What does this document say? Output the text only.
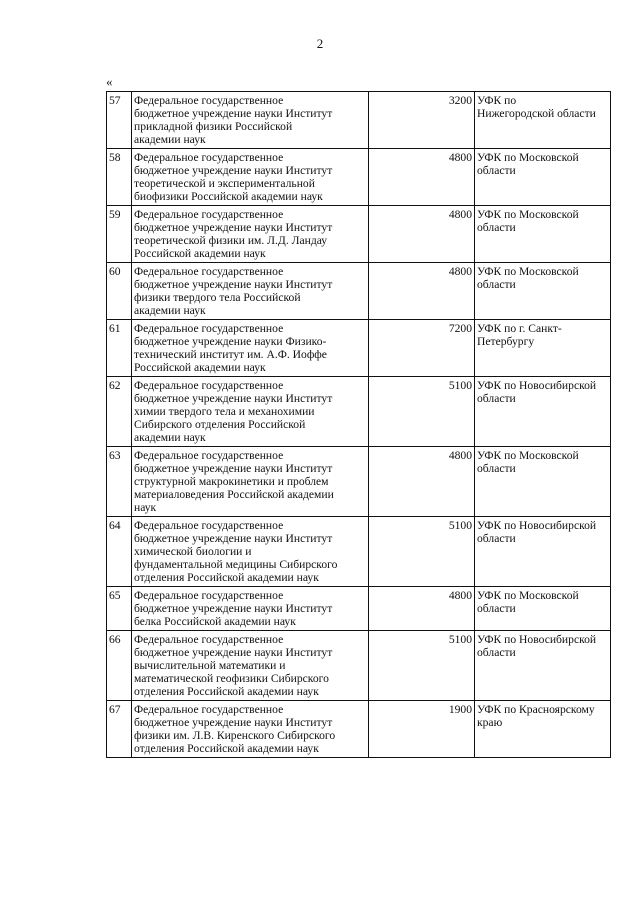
2
«
57	Федеральное государственное
бюджетное учреждение науки Институт
прикладной физики Российской
академии наук	3200	УФК по
Нижегородской области

58	Федеральное государственное
бюджетное учреждение науки Институт
теоретической и экспериментальной
биофизики Российской академии наук	4800	УФК по Московской
области

59	Федеральное государственное
бюджетное учреждение науки Институт
теоретической физики им. Л.Д. Ландау
Российской академии наук	4800	УФК по Московской
области

60	Федеральное государственное
бюджетное учреждение науки Институт
физики твердого тела Российской
академии наук	4800	УФК по Московской
области

61	Федеральное государственное
бюджетное учреждение науки Физико-
технический институт им. А.Ф. Иоффе
Российской академии наук	7200	УФК по г. Санкт-
Петербургу

62	Федеральное государственное
бюджетное учреждение науки Институт
химии твердого тела и механохимии
Сибирского отделения Российской
академии наук	5100	УФК по Новосибирской
области

63	Федеральное государственное
бюджетное учреждение науки Институт
структурной макрокинетики и проблем
материаловедения Российской академии
наук	4800	УФК по Московской
области

64	Федеральное государственное
бюджетное учреждение науки Институт
химической биологии и
фундаментальной медицины Сибирского
отделения Российской академии наук	5100	УФК по Новосибирской
области

65	Федеральное государственное
бюджетное учреждение науки Институт
белка Российской академии наук	4800	УФК по Московской
области

66	Федеральное государственное
бюджетное учреждение науки Институт
вычислительной математики и
математической геофизики Сибирского
отделения Российской академии наук	5100	УФК по Новосибирской
области

67	Федеральное государственное
бюджетное учреждение науки Институт
физики им. Л.В. Киренского Сибирского
отделения Российской академии наук	1900	УФК по Красноярскому
краю
